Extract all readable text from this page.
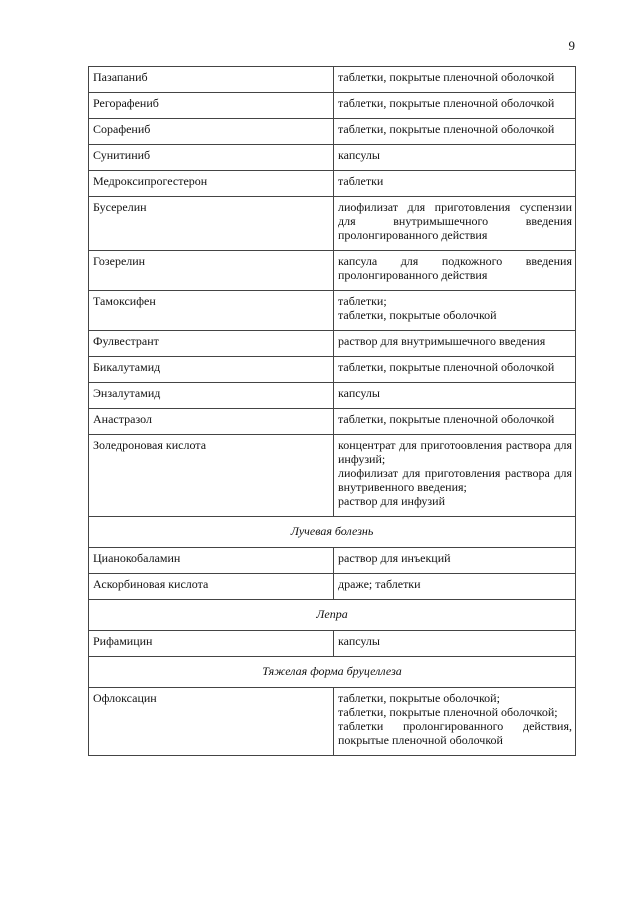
9
Пазапаниб	таблетки, покрытые пленочной оболочкой

Регорафениб	таблетки, покрытые пленочной оболочкой

Сорафениб	таблетки, покрытые пленочной оболочкой

Сунитиниб	капсулы

Медроксипрогестерон	таблетки

Бусерелин	лиофилизат для приготовления суспензии для внутримышечного введения пролонгированного действия

Гозерелин	капсула для подкожного введения пролонгированного действия

Тамоксифен	таблетки;
таблетки, покрытые оболочкой

Фулвестрант	раствор для внутримышечного введения

Бикалутамид	таблетки, покрытые пленочной оболочкой

Энзалутамид	капсулы

Анастразол	таблетки, покрытые пленочной оболочкой

Золедроновая кислота	концентрат для приготоовления раствора для инфузий;
лиофилизат для приготовления раствора для внутривенного введения;
раствор для инфузий

Лучевая болезнь	
Цианокобаламин	раствор для инъекций

Аскорбиновая кислота	драже; таблетки

Лепра	
Рифамицин	капсулы

Тяжелая форма бруцеллеза	
Офлоксацин	таблетки, покрытые оболочкой;
таблетки, покрытые пленочной оболочкой;
таблетки пролонгированного действия, покрытые пленочной оболочкой
